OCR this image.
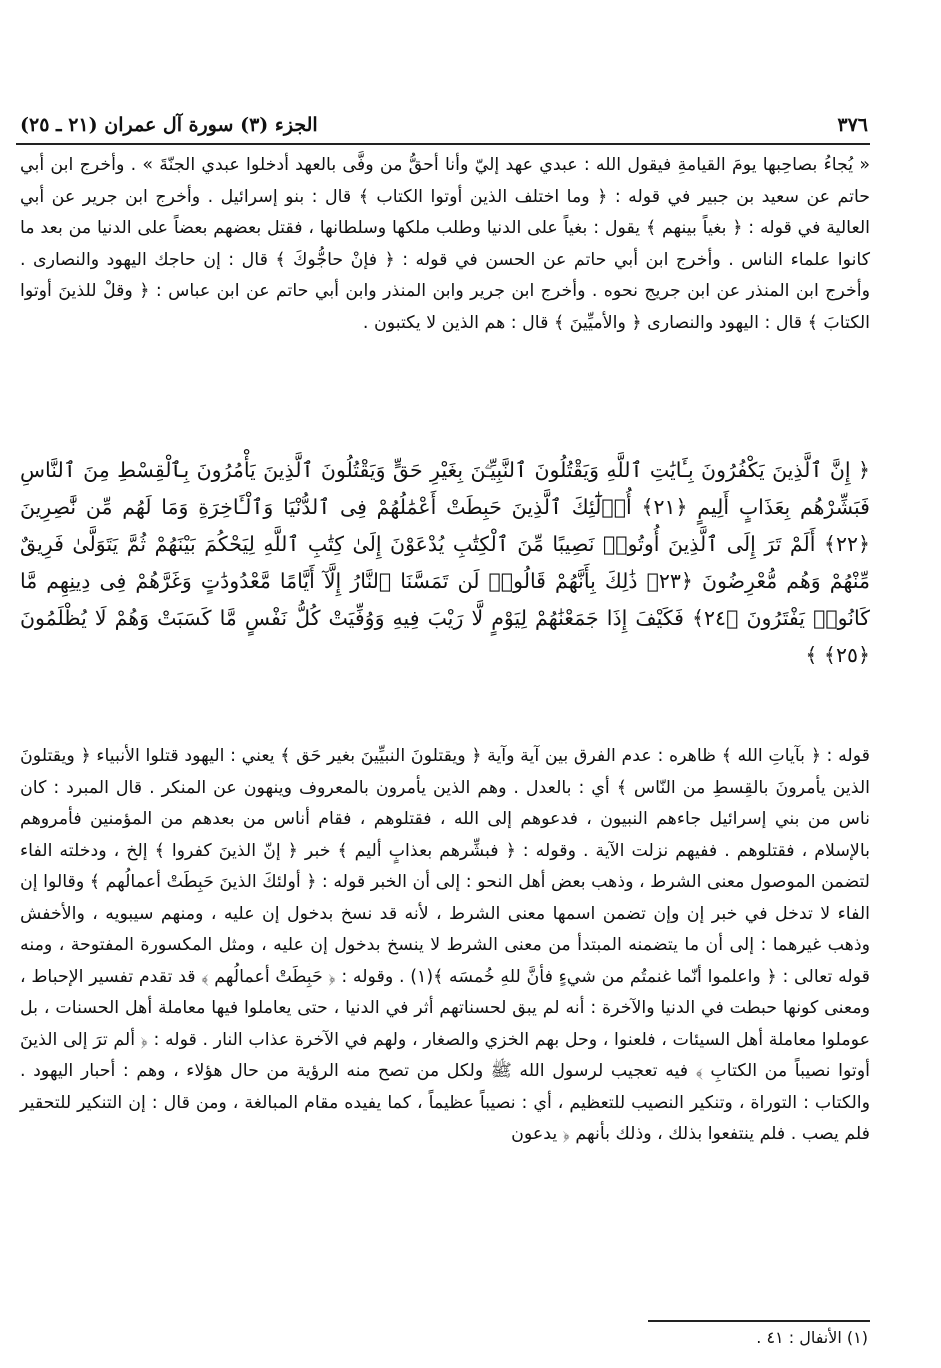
٣٧٦
الجزء (٣) سورة آل عمران (٢١ ـ ٢٥)
« يُجاءُ بصاحِبها يومَ القيامةِ فيقول الله : عبدي عهد إليّ وأنا أحقُّ من وفَّى بالعهد أدخلوا عبدي الجنّةَ » . وأخرج ابن أبي حاتم عن سعيد بن جبير في قوله : ﴿ وما اختلف الذين أوتوا الكتاب ﴾ قال : بنو إسرائيل . وأخرج ابن جرير عن أبي العالية في قوله : ﴿ بغياً بينهم ﴾ يقول : بغياً على الدنيا وطلب ملكها وسلطانها ، فقتل بعضهم بعضاً على الدنيا من بعد ما كانوا علماء الناس . وأخرج ابن أبي حاتم عن الحسن في قوله : ﴿ فإنْ حاجُّوكَ ﴾ قال : إن حاجك اليهود والنصارى . وأخرج ابن المنذر عن ابن جريج نحوه . وأخرج ابن جرير وابن المنذر وابن أبي حاتم عن ابن عباس : ﴿ وقلْ للذينَ أوتوا الكتابَ ﴾ قال : اليهود والنصارى ﴿ والأميِّينَ ﴾ قال : هم الذين لا يكتبون .
﴿ إِنَّ ٱلَّذِينَ يَكْفُرُونَ بِـَٔايَٰتِ ٱللَّهِ وَيَقْتُلُونَ ٱلنَّبِيِّـۧنَ بِغَيْرِ حَقٍّ وَيَقْتُلُونَ ٱلَّذِينَ يَأْمُرُونَ بِٱلْقِسْطِ مِنَ ٱلنَّاسِ فَبَشِّرْهُم بِعَذَابٍ أَلِيمٍ ﴿٢١﴾ أُو۟لَٰٓئِكَ ٱلَّذِينَ حَبِطَتْ أَعْمَٰلُهُمْ فِى ٱلدُّنْيَا وَٱلْـَٔاخِرَةِ وَمَا لَهُم مِّن نَّٰصِرِينَ ﴿٢٢﴾ أَلَمْ تَرَ إِلَى ٱلَّذِينَ أُوتُوا۟ نَصِيبًا مِّنَ ٱلْكِتَٰبِ يُدْعَوْنَ إِلَىٰ كِتَٰبِ ٱللَّهِ لِيَحْكُمَ بَيْنَهُمْ ثُمَّ يَتَوَلَّىٰ فَرِيقٌ مِّنْهُمْ وَهُم مُّعْرِضُونَ ﴿٢٣﴾ ذَٰلِكَ بِأَنَّهُمْ قَالُوا۟ لَن تَمَسَّنَا ٱلنَّارُ إِلَّآ أَيَّامًا مَّعْدُودَٰتٍ وَغَرَّهُمْ فِى دِينِهِم مَّا كَانُوا۟ يَفْتَرُونَ ﴿٢٤﴾ فَكَيْفَ إِذَا جَمَعْنَٰهُمْ لِيَوْمٍ لَّا رَيْبَ فِيهِ وَوُفِّيَتْ كُلُّ نَفْسٍ مَّا كَسَبَتْ وَهُمْ لَا يُظْلَمُونَ ﴿٢٥﴾ ﴾
قوله : ﴿ بآياتِ الله ﴾ ظاهره : عدم الفرق بين آية وآية ﴿ ويقتلونَ النبيِّينَ بغير حَق ﴾ يعني : اليهود قتلوا الأنبياء ﴿ ويقتلونَ الذين يأمرونَ بالقِسطِ من النّاس ﴾ أي : بالعدل . وهم الذين يأمرون بالمعروف وينهون عن المنكر . قال المبرد : كان ناس من بني إسرائيل جاءهم النبيون ، فدعوهم إلى الله ، فقتلوهم ، فقام أناس من بعدهم من المؤمنين فأمروهم بالإسلام ، فقتلوهم . ففيهم نزلت الآية . وقوله : ﴿ فبشِّرهم بعذابٍ أليم ﴾ خبر ﴿ إنّ الذينَ كفروا ﴾ إلخ ، ودخلته الفاء لتضمن الموصول معنى الشرط ، وذهب بعض أهل النحو : إلى أن الخبر قوله : ﴿ أولئكَ الذينَ حَبِطَتْ أعمالُهم ﴾ وقالوا إن الفاء لا تدخل في خبر إن وإن تضمن اسمها معنى الشرط ، لأنه قد نسخ بدخول إن عليه ، ومنهم سيبويه ، والأخفش وذهب غيرهما : إلى أن ما يتضمنه المبتدأ من معنى الشرط لا ينسخ بدخول إن عليه ، ومثل المكسورة المفتوحة ، ومنه قوله تعالى : ﴿ واعلموا أنّما غنمتُم من شيءٍ فأنَّ للهِ خُمسَه ﴾(١) . وقوله : ﴿ حَبِطَتْ أعمالُهم ﴾ قد تقدم تفسير الإحباط ، ومعنى كونها حبطت في الدنيا والآخرة : أنه لم يبق لحسناتهم أثر في الدنيا ، حتى يعاملوا فيها معاملة أهل الحسنات ، بل عوملوا معاملة أهل السيئات ، فلعنوا ، وحل بهم الخزي والصغار ، ولهم في الآخرة عذاب النار . قوله : ﴿ ألم ترَ إلى الذينَ أوتوا نصيباً من الكتابِ ﴾ فيه تعجيب لرسول الله ﷺ ولكل من تصح منه الرؤية من حال هؤلاء ، وهم : أحبار اليهود . والكتاب : التوراة ، وتنكير النصيب للتعظيم ، أي : نصيباً عظيماً ، كما يفيده مقام المبالغة ، ومن قال : إن التنكير للتحقير فلم يصب . فلم ينتفعوا بذلك ، وذلك بأنهم ﴿ يدعون
(١) الأنفال : ٤١ .
